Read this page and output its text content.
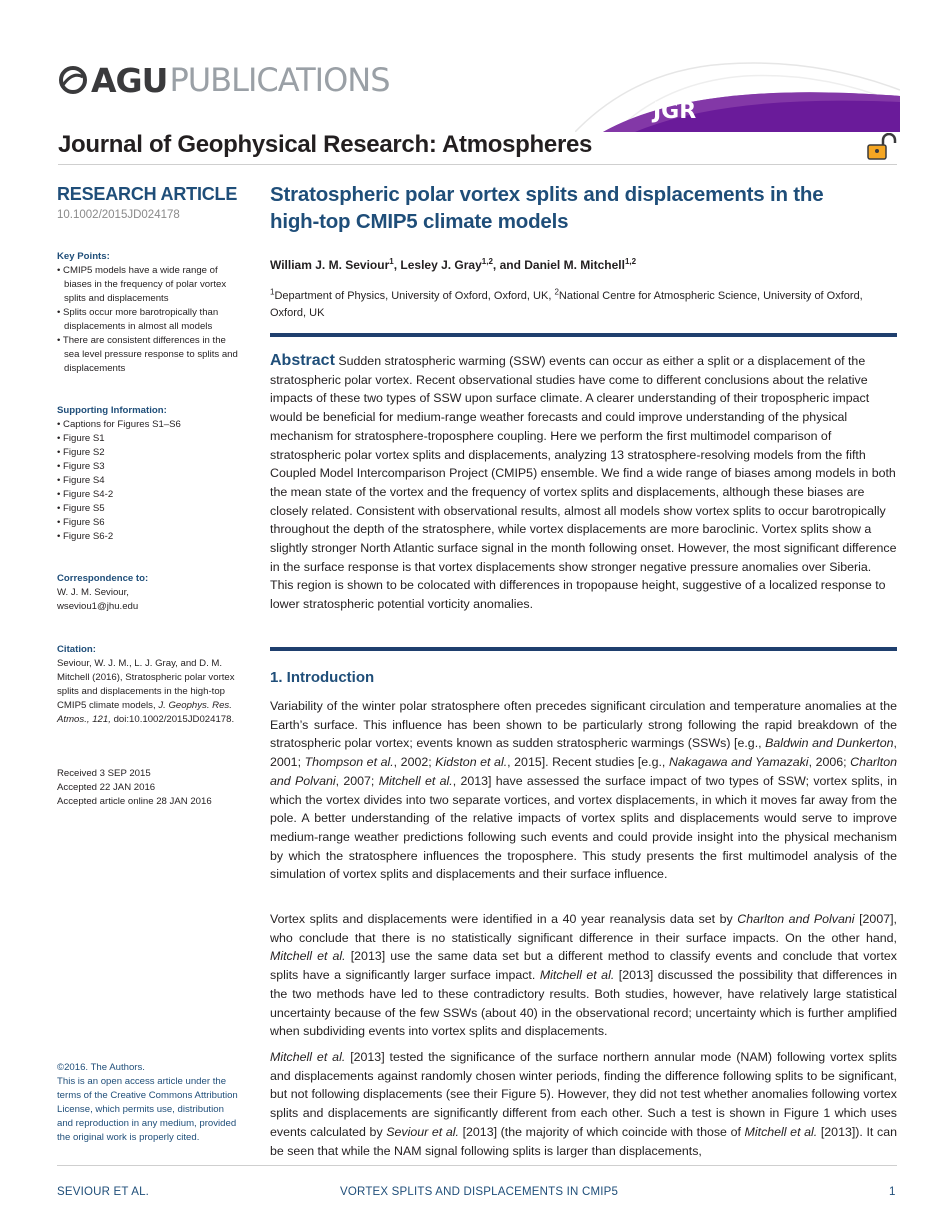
AGU PUBLICATIONS
JGR
Journal of Geophysical Research: Atmospheres
RESEARCH ARTICLE
10.1002/2015JD024178
Key Points:
• CMIP5 models have a wide range of biases in the frequency of polar vortex splits and displacements
• Splits occur more barotropically than displacements in almost all models
• There are consistent differences in the sea level pressure response to splits and displacements
Supporting Information:
• Captions for Figures S1–S6
• Figure S1
• Figure S2
• Figure S3
• Figure S4
• Figure S4-2
• Figure S5
• Figure S6
• Figure S6-2
Correspondence to:
W. J. M. Seviour,
wseviou1@jhu.edu
Citation:
Seviour, W. J. M., L. J. Gray, and D. M. Mitchell (2016), Stratospheric polar vortex splits and displacements in the high-top CMIP5 climate models, J. Geophys. Res. Atmos., 121, doi:10.1002/2015JD024178.
Received 3 SEP 2015
Accepted 22 JAN 2016
Accepted article online 28 JAN 2016
©2016. The Authors.
This is an open access article under the terms of the Creative Commons Attribution License, which permits use, distribution and reproduction in any medium, provided the original work is properly cited.
Stratospheric polar vortex splits and displacements in the high-top CMIP5 climate models
William J. M. Seviour$^1$, Lesley J. Gray$^{1,2}$, and Daniel M. Mitchell$^{1,2}$
$^1$Department of Physics, University of Oxford, Oxford, UK, $^2$National Centre for Atmospheric Science, University of Oxford, Oxford, UK
Abstract Sudden stratospheric warming (SSW) events can occur as either a split or a displacement of the stratospheric polar vortex. Recent observational studies have come to different conclusions about the relative impacts of these two types of SSW upon surface climate. A clearer understanding of their tropospheric impact would be beneficial for medium-range weather forecasts and could improve understanding of the physical mechanism for stratosphere-troposphere coupling. Here we perform the first multimodel comparison of stratospheric polar vortex splits and displacements, analyzing 13 stratosphere-resolving models from the fifth Coupled Model Intercomparison Project (CMIP5) ensemble. We find a wide range of biases among models in both the mean state of the vortex and the frequency of vortex splits and displacements, although these biases are closely related. Consistent with observational results, almost all models show vortex splits to occur barotropically throughout the depth of the stratosphere, while vortex displacements are more baroclinic. Vortex splits show a slightly stronger North Atlantic surface signal in the month following onset. However, the most significant difference in the surface response is that vortex displacements show stronger negative pressure anomalies over Siberia. This region is shown to be colocated with differences in tropopause height, suggestive of a localized response to lower stratospheric potential vorticity anomalies.
1. Introduction
Variability of the winter polar stratosphere often precedes significant circulation and temperature anomalies at the Earth’s surface. This influence has been shown to be particularly strong following the rapid breakdown of the stratospheric polar vortex; events known as sudden stratospheric warmings (SSWs) [e.g., Baldwin and Dunkerton, 2001; Thompson et al., 2002; Kidston et al., 2015]. Recent studies [e.g., Nakagawa and Yamazaki, 2006; Charlton and Polvani, 2007; Mitchell et al., 2013] have assessed the surface impact of two types of SSW; vortex splits, in which the vortex divides into two separate vortices, and vortex displacements, in which it moves far away from the pole. A better understanding of the relative impacts of vortex splits and displacements would serve to improve medium-range weather predictions following such events and could provide insight into the physical mechanism by which the stratosphere influences the troposphere. This study presents the first multimodel analysis of the simulation of vortex splits and displacements and their surface influence.
Vortex splits and displacements were identified in a 40 year reanalysis data set by Charlton and Polvani [2007], who conclude that there is no statistically significant difference in their surface impacts. On the other hand, Mitchell et al. [2013] use the same data set but a different method to classify events and conclude that vortex splits have a significantly larger surface impact. Mitchell et al. [2013] discussed the possibility that differences in the two methods have led to these contradictory results. Both studies, however, have relatively large statistical uncertainty because of the few SSWs (about 40) in the observational record; uncertainty which is further amplified when subdividing events into vortex splits and displacements.
Mitchell et al. [2013] tested the significance of the surface northern annular mode (NAM) following vortex splits and displacements against randomly chosen winter periods, finding the difference following splits to be significant, but not following displacements (see their Figure 5). However, they did not test whether anomalies following vortex splits and displacements are significantly different from each other. Such a test is shown in Figure 1 which uses events calculated by Seviour et al. [2013] (the majority of which coincide with those of Mitchell et al. [2013]). It can be seen that while the NAM signal following splits is larger than displacements,
SEVIOUR ET AL.	VORTEX SPLITS AND DISPLACEMENTS IN CMIP5	1
